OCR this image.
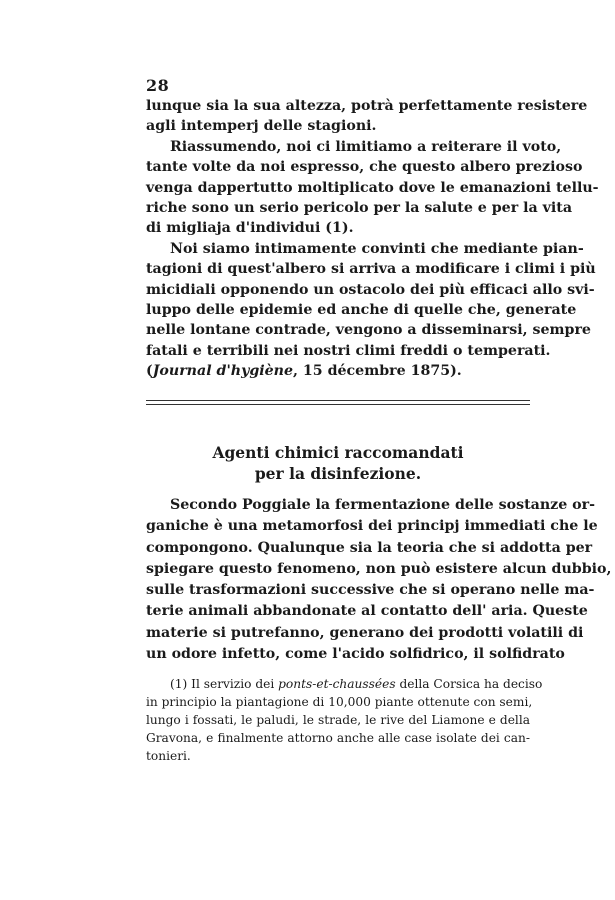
28
lunque sia la sua altezza, potrà perfettamente resistere
agli intemperj delle stagioni.
Riassumendo, noi ci limitiamo a reiterare il voto,
tante volte da noi espresso, che questo albero prezioso
venga dappertutto moltiplicato dove le emanazioni tellu-
riche sono un serio pericolo per la salute e per la vita
di migliaja d'individui (1).
Noi siamo intimamente convinti che mediante pian-
tagioni di quest'albero si arriva a modificare i climi i più
micidiali opponendo un ostacolo dei più efficaci allo svi-
luppo delle epidemie ed anche di quelle che, generate
nelle lontane contrade, vengono a disseminarsi, sempre
fatali e terribili nei nostri climi freddi o temperati.
(Journal d'hygiène, 15 décembre 1875).
Agenti chimici raccomandati
per la disinfezione.
Secondo Poggiale la fermentazione delle sostanze or-
ganiche è una metamorfosi dei principj immediati che le
compongono. Qualunque sia la teoria che si addotta per
spiegare questo fenomeno, non può esistere alcun dubbio,
sulle trasformazioni successive che si operano nelle ma-
terie animali abbandonate al contatto dell' aria. Queste
materie si putrefanno, generano dei prodotti volatili di
un odore infetto, come l'acido solfidrico, il solfidrato
(1) Il servizio dei ponts-et-chaussées della Corsica ha deciso
in principio la piantagione di 10,000 piante ottenute con semi,
lungo i fossati, le paludi, le strade, le rive del Liamone e della
Gravona, e finalmente attorno anche alle case isolate dei can-
tonieri.
